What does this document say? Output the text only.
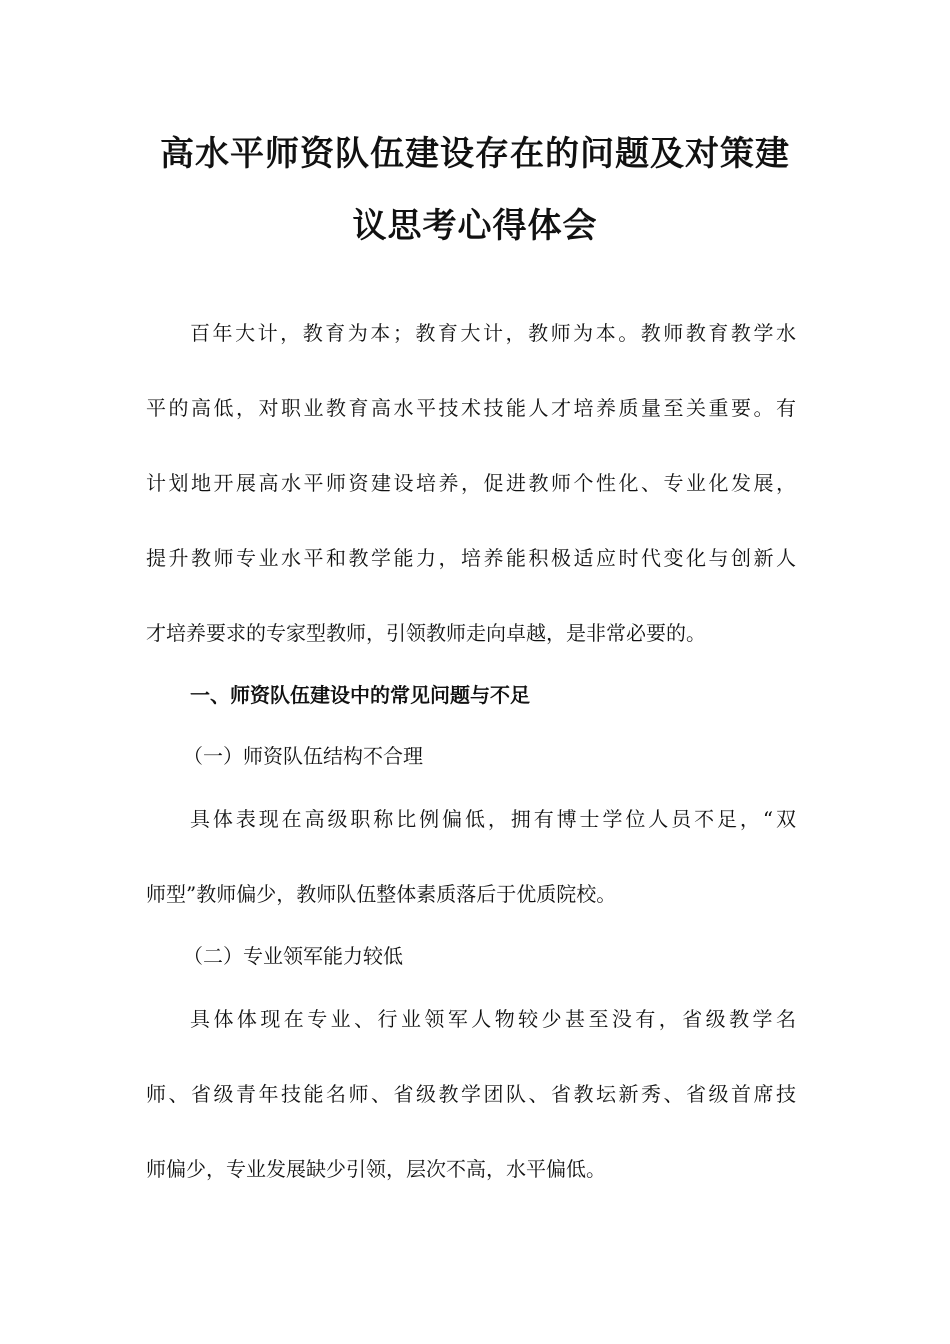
高水平师资队伍建设存在的问题及对策建
议思考心得体会
百年大计，教育为本；教育大计，教师为本。教师教育教学水
平的高低，对职业教育高水平技术技能人才培养质量至关重要。有
计划地开展高水平师资建设培养，促进教师个性化、专业化发展，
提升教师专业水平和教学能力，培养能积极适应时代变化与创新人
才培养要求的专家型教师，引领教师走向卓越，是非常必要的。
一、师资队伍建设中的常见问题与不足
（一）师资队伍结构不合理
具体表现在高级职称比例偏低，拥有博士学位人员不足，“双
师型”教师偏少，教师队伍整体素质落后于优质院校。
（二）专业领军能力较低
具体体现在专业、行业领军人物较少甚至没有，省级教学名
师、省级青年技能名师、省级教学团队、省教坛新秀、省级首席技
师偏少，专业发展缺少引领，层次不高，水平偏低。
